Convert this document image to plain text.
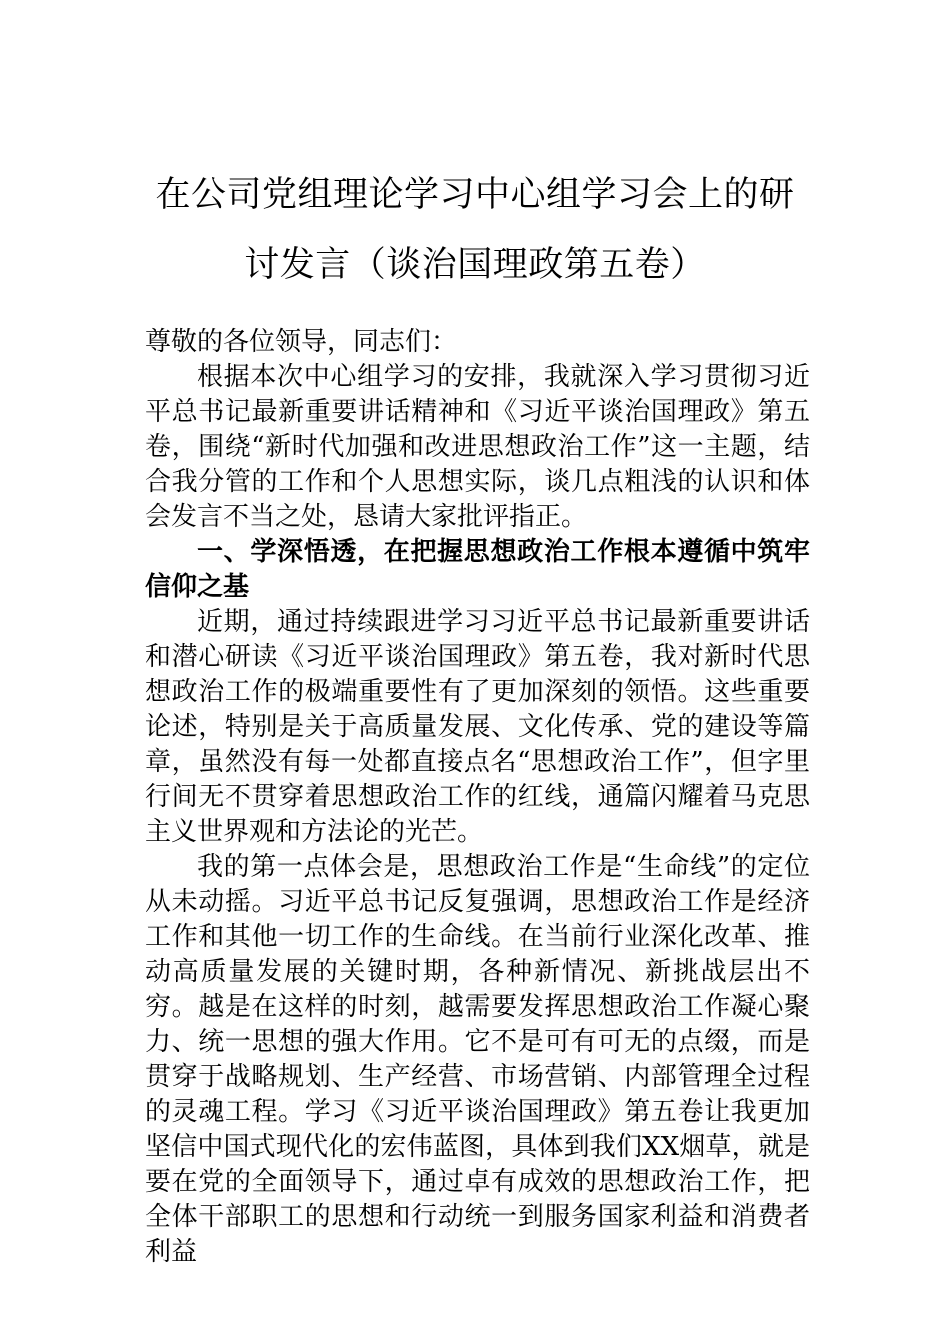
在公司党组理论学习中心组学习会上的研
讨发言（谈治国理政第五卷）

尊敬的各位领导，同志们：

根据本次中心组学习的安排，我就深入学习贯彻习近平总书记最新重要讲话精神和《习近平谈治国理政》第五卷，围绕“新时代加强和改进思想政治工作”这一主题，结合我分管的工作和个人思想实际，谈几点粗浅的认识和体会发言不当之处，恳请大家批评指正。

一、学深悟透，在把握思想政治工作根本遵循中筑牢信仰之基

近期，通过持续跟进学习习近平总书记最新重要讲话和潜心研读《习近平谈治国理政》第五卷，我对新时代思想政治工作的极端重要性有了更加深刻的领悟。这些重要论述，特别是关于高质量发展、文化传承、党的建设等篇章，虽然没有每一处都直接点名“思想政治工作”，但字里行间无不贯穿着思想政治工作的红线，通篇闪耀着马克思主义世界观和方法论的光芒。

我的第一点体会是，思想政治工作是“生命线”的定位从未动摇。习近平总书记反复强调，思想政治工作是经济工作和其他一切工作的生命线。在当前行业深化改革、推动高质量发展的关键时期，各种新情况、新挑战层出不穷。越是在这样的时刻，越需要发挥思想政治工作凝心聚力、统一思想的强大作用。它不是可有可无的点缀，而是贯穿于战略规划、生产经营、市场营销、内部管理全过程的灵魂工程。学习《习近平谈治国理政》第五卷让我更加坚信中国式现代化的宏伟蓝图，具体到我们XX烟草，就是要在党的全面领导下，通过卓有成效的思想政治工作，把全体干部职工的思想和行动统一到服务国家利益和消费者利益
